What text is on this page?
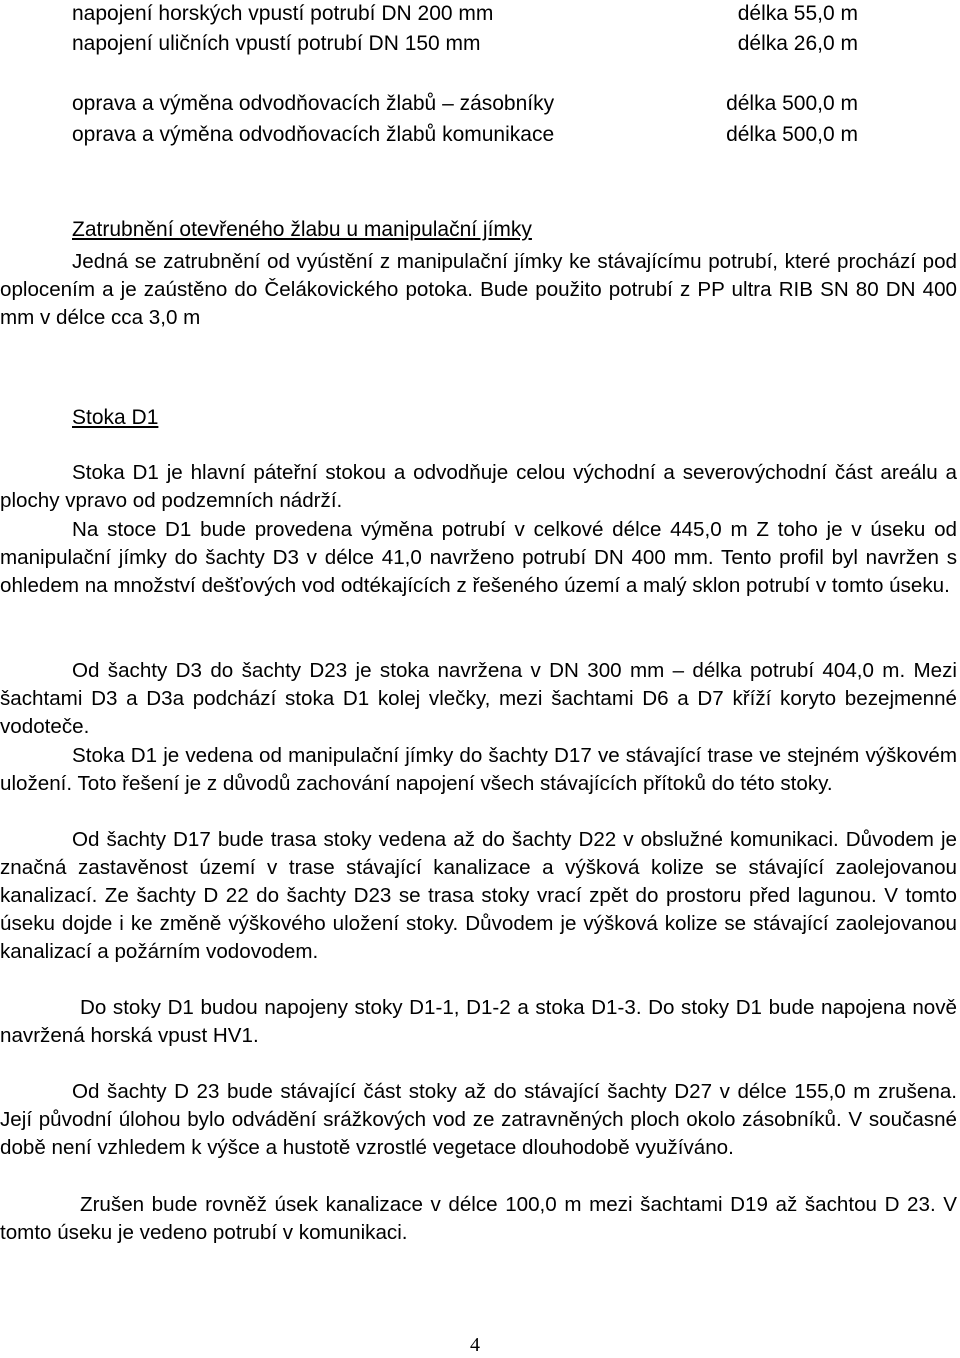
napojení horských vpustí potrubí DN 200 mm	délka 55,0 m
napojení uličních vpustí potrubí DN 150 mm	délka 26,0 m
oprava a výměna odvodňovacích žlabů – zásobníky	délka 500,0 m
oprava a výměna odvodňovacích žlabů komunikace	délka 500,0 m
Zatrubnění otevřeného žlabu u manipulační jímky

Jedná se zatrubnění od vyústění z manipulační jímky ke stávajícímu potrubí, které prochází pod oplocením a je zaústěno do Čelákovického potoka. Bude použito potrubí z PP ultra RIB SN 80 DN 400 mm v délce cca 3,0 m

Stoka D1

Stoka D1 je hlavní páteřní stokou a odvodňuje celou východní a severovýchodní část areálu a plochy vpravo od podzemních nádrží.

Na stoce D1 bude provedena výměna potrubí v celkové délce 445,0 m Z toho je v úseku od manipulační jímky do šachty D3 v délce 41,0 navrženo potrubí DN 400 mm. Tento profil byl navržen s ohledem na množství dešťových vod odtékajících z řešeného území a malý sklon potrubí v tomto úseku.

Od šachty D3 do šachty D23 je stoka navržena v DN 300 mm – délka potrubí 404,0 m. Mezi šachtami D3 a D3a podchází stoka D1 kolej vlečky, mezi šachtami D6 a D7 kříží koryto bezejmenné vodoteče.

Stoka D1 je vedena od manipulační jímky do šachty D17 ve stávající trase ve stejném výškovém uložení. Toto řešení je z důvodů zachování napojení všech stávajících přítoků do této stoky.

Od šachty D17 bude trasa stoky vedena až do šachty D22 v obslužné komunikaci. Důvodem je značná zastavěnost území v trase stávající kanalizace a výšková kolize se stávající zaolejovanou kanalizací. Ze šachty D 22 do šachty D23 se trasa stoky vrací zpět do prostoru před lagunou. V tomto úseku dojde i ke změně výškového uložení stoky. Důvodem je výšková kolize se stávající zaolejovanou kanalizací a požárním vodovodem.

Do stoky D1 budou napojeny stoky D1-1, D1-2 a stoka D1-3. Do stoky D1 bude napojena nově navržená horská vpust HV1.

Od šachty D 23 bude stávající část stoky až do stávající šachty D27 v délce 155,0 m zrušena. Její původní úlohou bylo odvádění srážkových vod ze zatravněných ploch okolo zásobníků. V současné době není vzhledem k výšce a hustotě vzrostlé vegetace dlouhodobě využíváno.

Zrušen bude rovněž úsek kanalizace v délce 100,0 m mezi šachtami D19 až šachtou D 23. V tomto úseku je vedeno potrubí v komunikaci.

4
